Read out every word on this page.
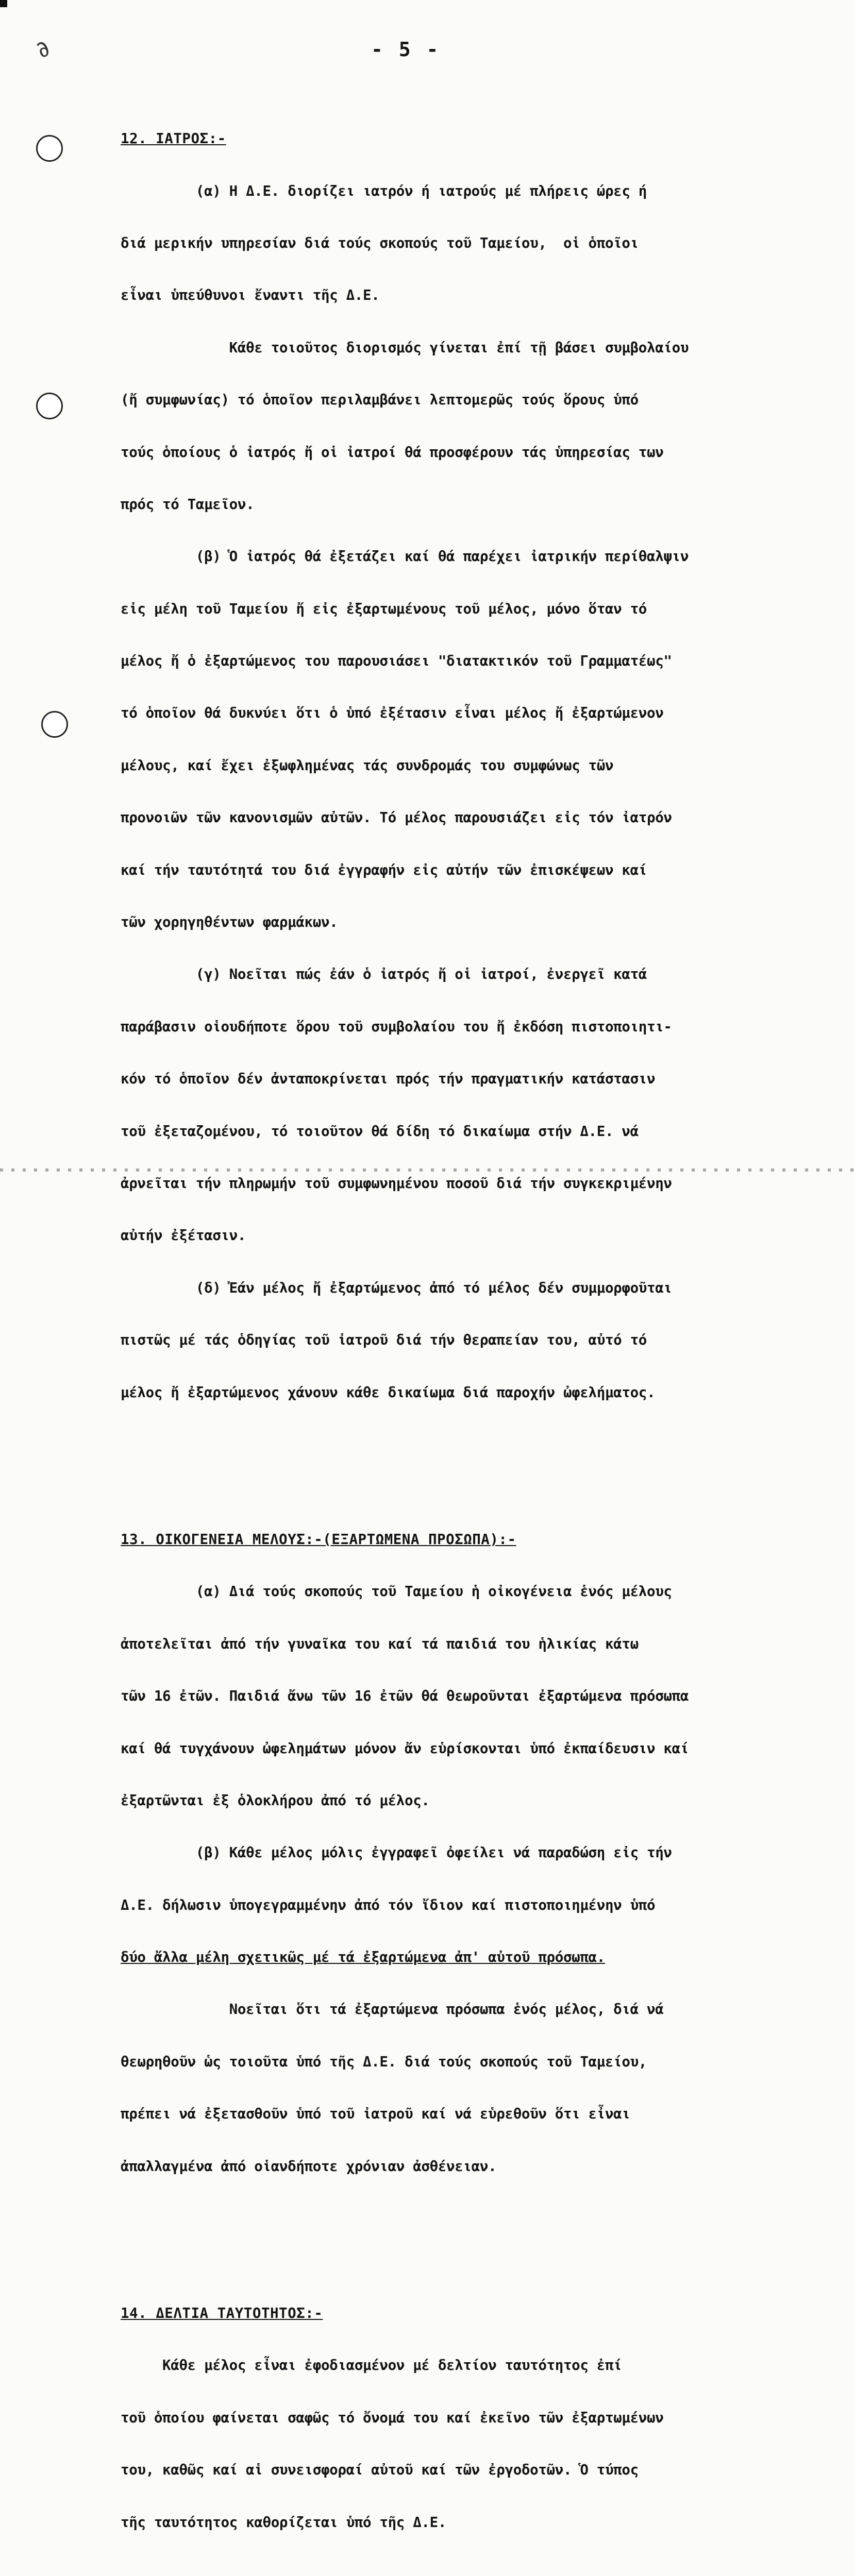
∂	- 5 -

12. ΙΑΤΡΟΣ:-

(α) Η Δ.Ε. διορίζει ιατρόν ή ιατρούς μέ πλήρεις ώρες ή

διά μερικήν υπηρεσίαν διά τούς σκοπούς τοῦ Ταμείου,  οἱ ὁποῖοι

εἶναι ὑπεύθυνοι ἔναντι τῆς Δ.Ε.

Κάθε τοιοῦτος διορισμός γίνεται ἐπί τῇ βάσει συμβολαίου

(ἤ συμφωνίας) τό ὁποῖον περιλαμβάνει λεπτομερῶς τούς ὅρους ὑπό

τούς ὁποίους ὁ ἰατρός ἤ οἱ ἰατροί θά προσφέρουν τάς ὑπηρεσίας των

πρός τό Ταμεῖον.

(β) Ὁ ἰατρός θά ἐξετάζει καί θά παρέχει ἰατρικήν περίθαλψιν

εἰς μέλη τοῦ Ταμείου ἤ εἰς ἐξαρτωμένους τοῦ μέλος, μόνο ὅταν τό

μέλος ἤ ὁ ἐξαρτώμενος του παρουσιάσει "διατακτικόν τοῦ Γραμματέως"

τό ὁποῖον θά δυκνύει ὅτι ὁ ὑπό ἐξέτασιν εἶναι μέλος ἤ ἐξαρτώμενον

μέλους, καί ἔχει ἐξωφλημένας τάς συνδρομάς του συμφώνως τῶν

προνοιῶν τῶν κανονισμῶν αὐτῶν. Τό μέλος παρουσιάζει εἰς τόν ἰατρόν

καί τήν ταυτότητά του διά ἐγγραφήν εἰς αὐτήν τῶν ἐπισκέψεων καί

τῶν χορηγηθέντων φαρμάκων.

(γ) Νοεῖται πώς ἐάν ὁ ἰατρός ἤ οἱ ἰατροί, ἐνεργεῖ κατά

παράβασιν οἱουδήποτε ὅρου τοῦ συμβολαίου του ἤ ἐκδόση πιστοποιητι-

κόν τό ὁποῖον δέν ἀνταποκρίνεται πρός τήν πραγματικήν κατάστασιν

τοῦ ἐξεταζομένου, τό τοιοῦτον θά δίδη τό δικαίωμα στήν Δ.Ε. νά

ἀρνεῖται τήν πληρωμήν τοῦ συμφωνημένου ποσοῦ διά τήν συγκεκριμένην

αὐτήν ἐξέτασιν.

(δ) Ἐάν μέλος ἤ ἐξαρτώμενος ἀπό τό μέλος δέν συμμορφοῦται

πιστῶς μέ τάς ὁδηγίας τοῦ ἰατροῦ διά τήν θεραπείαν του, αὐτό τό

μέλος ἤ ἐξαρτώμενος χάνουν κάθε δικαίωμα διά παροχήν ὠφελήματος.

13. ΟΙΚΟΓΕΝΕΙΑ ΜΕΛΟΥΣ:-(ΕΞΑΡΤΩΜΕΝΑ ΠΡΟΣΩΠΑ):-

(α) Διά τούς σκοπούς τοῦ Ταμείου ἡ οἰκογένεια ἑνός μέλους

ἀποτελεῖται ἀπό τήν γυναῖκα του καί τά παιδιά του ἡλικίας κάτω

τῶν 16 ἐτῶν. Παιδιά ἄνω τῶν 16 ἐτῶν θά θεωροῦνται ἐξαρτώμενα πρόσωπα

καί θά τυγχάνουν ὠφελημάτων μόνον ἄν εὑρίσκονται ὑπό ἐκπαίδευσιν καί

ἐξαρτῶνται ἐξ ὁλοκλήρου ἀπό τό μέλος.

(β) Κάθε μέλος μόλις ἐγγραφεῖ ὀφείλει νά παραδώση εἰς τήν

Δ.Ε. δήλωσιν ὑπογεγραμμένην ἀπό τόν ἴδιον καί πιστοποιημένην ὑπό

δύο ἄλλα μέλη σχετικῶς μέ τά ἐξαρτώμενα ἀπ' αὐτοῦ πρόσωπα.

Νοεῖται ὅτι τά ἐξαρτώμενα πρόσωπα ἑνός μέλος, διά νά

θεωρηθοῦν ὡς τοιοῦτα ὑπό τῆς Δ.Ε. διά τούς σκοπούς τοῦ Ταμείου,

πρέπει νά ἐξετασθοῦν ὑπό τοῦ ἰατροῦ καί νά εὑρεθοῦν ὅτι εἶναι

ἀπαλλαγμένα ἀπό οἱανδήποτε χρόνιαν ἀσθένειαν.

14. ΔΕΛΤΙΑ ΤΑΥΤΟΤΗΤΟΣ:-

Κάθε μέλος εἶναι ἐφοδιασμένον μέ δελτίον ταυτότητος ἐπί

τοῦ ὁποίου φαίνεται σαφῶς τό ὄνομά του καί ἐκεῖνο τῶν ἐξαρτωμένων

του, καθῶς καί αἱ συνεισφοραί αὐτοῦ καί τῶν ἐργοδοτῶν. Ὁ τύπος

τῆς ταυτότητος καθορίζεται ὑπό τῆς Δ.Ε.
